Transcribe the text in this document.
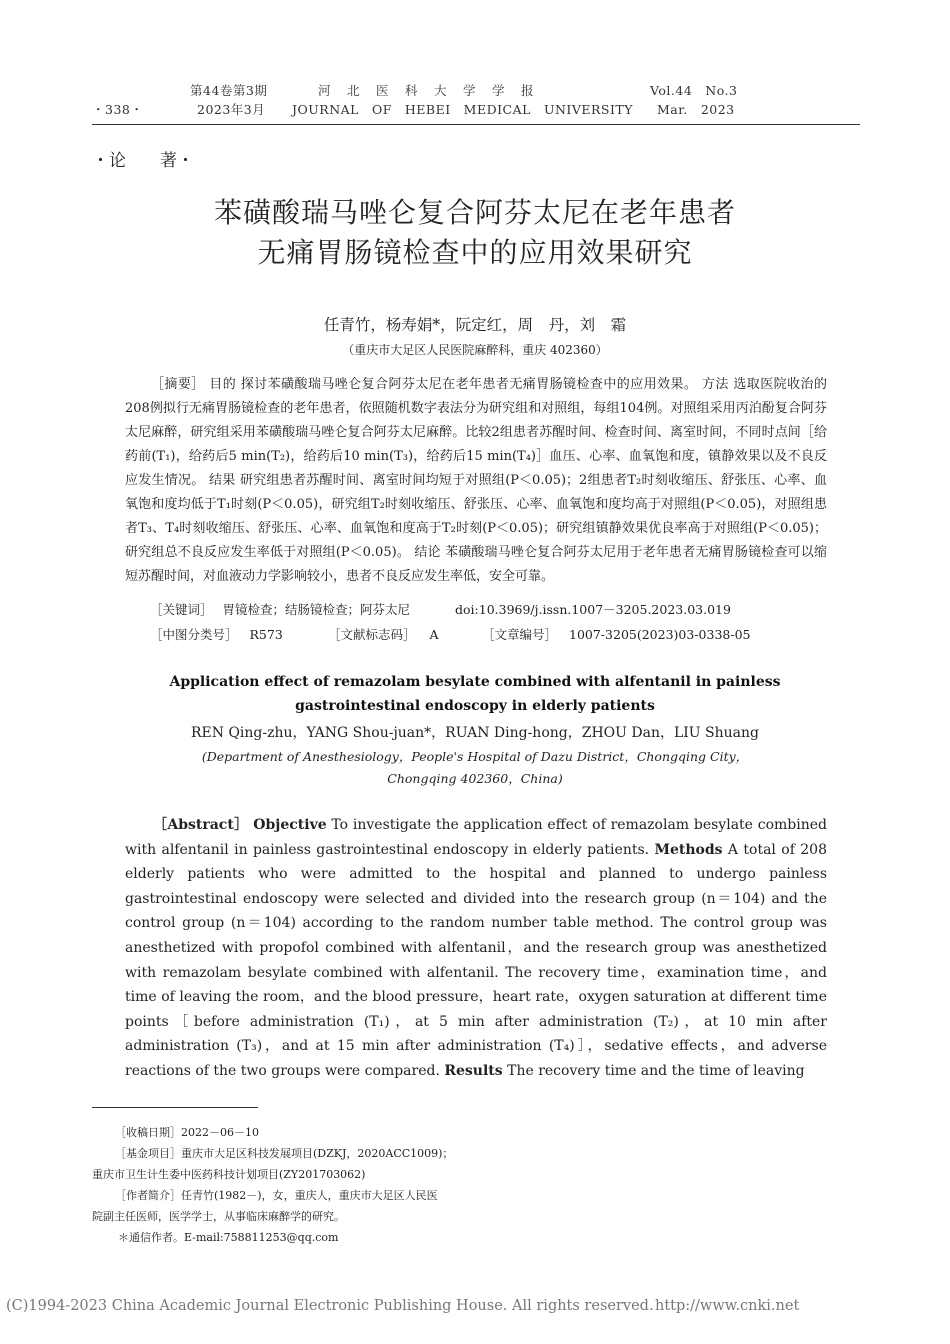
・338・
第44卷第3期
2023年3月
河　北　医　科　大　学　学　报
JOURNAL　OF　HEBEI　MEDICAL　UNIVERSITY
Vol.44　No.3
Mar.　2023
・论　　著・
苯磺酸瑞马唑仑复合阿芬太尼在老年患者
无痛胃肠镜检查中的应用效果研究
任青竹，杨寿娟*，阮定红，周　丹，刘　霜
（重庆市大足区人民医院麻醉科，重庆 402360）
［摘要］ 目的 探讨苯磺酸瑞马唑仑复合阿芬太尼在老年患者无痛胃肠镜检查中的应用效果。 方法 选取医院收治的208例拟行无痛胃肠镜检查的老年患者，依照随机数字表法分为研究组和对照组，每组104例。对照组采用丙泊酚复合阿芬太尼麻醉，研究组采用苯磺酸瑞马唑仑复合阿芬太尼麻醉。比较2组患者苏醒时间、检查时间、离室时间，不同时点间［给药前(T₁)，给药后5 min(T₂)，给药后10 min(T₃)，给药后15 min(T₄)］血压、心率、血氧饱和度，镇静效果以及不良反应发生情况。 结果 研究组患者苏醒时间、离室时间均短于对照组(P＜0.05)；2组患者T₂时刻收缩压、舒张压、心率、血氧饱和度均低于T₁时刻(P＜0.05)，研究组T₂时刻收缩压、舒张压、心率、血氧饱和度均高于对照组(P＜0.05)，对照组患者T₃、T₄时刻收缩压、舒张压、心率、血氧饱和度高于T₂时刻(P＜0.05)；研究组镇静效果优良率高于对照组(P＜0.05)；研究组总不良反应发生率低于对照组(P＜0.05)。 结论 苯磺酸瑞马唑仑复合阿芬太尼用于老年患者无痛胃肠镜检查可以缩短苏醒时间，对血液动力学影响较小，患者不良反应发生率低，安全可靠。
［关键词］ 胃镜检查；结肠镜检查；阿芬太尼	doi:10.3969/j.issn.1007－3205.2023.03.019
［中图分类号］ R573	［文献标志码］ A	［文章编号］ 1007-3205(2023)03-0338-05
Application effect of remazolam besylate combined with alfentanil in painless
gastrointestinal endoscopy in elderly patients
REN Qing-zhu，YANG Shou-juan*，RUAN Ding-hong，ZHOU Dan，LIU Shuang
(Department of Anesthesiology，People's Hospital of Dazu District，Chongqing City，
Chongqing 402360，China)
［Abstract］ Objective To investigate the application effect of remazolam besylate combined with alfentanil in painless gastrointestinal endoscopy in elderly patients. Methods A total of 208 elderly patients who were admitted to the hospital and planned to undergo painless gastrointestinal endoscopy were selected and divided into the research group (n＝104) and the control group (n＝104) according to the random number table method. The control group was anesthetized with propofol combined with alfentanil，and the research group was anesthetized with remazolam besylate combined with alfentanil. The recovery time，examination time，and time of leaving the room，and the blood pressure，heart rate，oxygen saturation at different time points［before administration (T₁)，at 5 min after administration (T₂)，at 10 min after administration (T₃)，and at 15 min after administration (T₄)］，sedative effects，and adverse reactions of the two groups were compared. Results The recovery time and the time of leaving
［收稿日期］2022－06－10
［基金项目］重庆市大足区科技发展项目(DZKJ，2020ACC1009)；
重庆市卫生计生委中医药科技计划项目(ZY201703062)
［作者简介］任青竹(1982－)，女，重庆人，重庆市大足区人民医
院副主任医师，医学学士，从事临床麻醉学的研究。
＊通信作者。E-mail:758811253@qq.com
(C)1994-2023 China Academic Journal Electronic Publishing House. All rights reserved. http://www.cnki.net
